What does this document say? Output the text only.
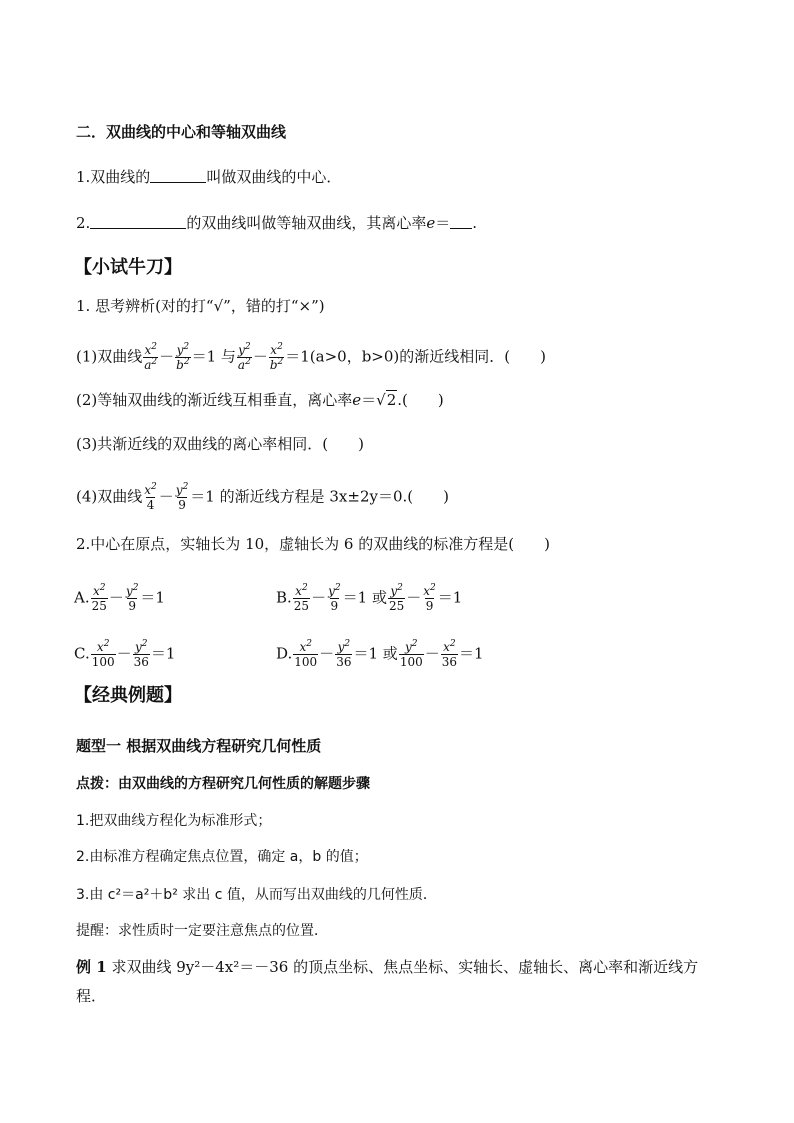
二．双曲线的中心和等轴双曲线
1.双曲线的	叫做双曲线的中心．
2.	的双曲线叫做等轴双曲线，其离心率e＝ .
【小试牛刀】
1. 思考辨析(对的打“√”，错的打“×”)
(1)双曲线 $\frac{x^2}{a^2} - \frac{y^2}{b^2} =1$ 与 $\frac{y^2}{a^2} - \frac{x^2}{b^2} =1(a>0$，b>0)的渐近线相同．(　　)
(2)等轴双曲线的渐近线互相垂直，离心率e＝√2.(　　)
(3)共渐近线的双曲线的离心率相同．(　　)
(4)双曲线 $\frac{x^2}{4} - \frac{y^2}{9} =1$ 的渐近线方程是 3x±2y＝0.(　　)
2.中心在原点，实轴长为 10，虚轴长为 6 的双曲线的标准方程是(　　)
A. $\frac{x^2}{25} - \frac{y^2}{9} =1$	B. $\frac{x^2}{25} - \frac{y^2}{9} =1$ 或 $\frac{y^2}{25} - \frac{x^2}{9} =1$
C. $\frac{x^2}{100} - \frac{y^2}{36} =1$	D. $\frac{x^2}{100} - \frac{y^2}{36} =1$ 或 $\frac{y^2}{100} - \frac{x^2}{36} =1$
【经典例题】
题型一 根据双曲线方程研究几何性质
点拨：由双曲线的方程研究几何性质的解题步骤
1.把双曲线方程化为标准形式；
2.由标准方程确定焦点位置，确定 a，b 的值；
3.由 c²＝a²＋b² 求出 c 值，从而写出双曲线的几何性质．
提醒：求性质时一定要注意焦点的位置．
例 1 求双曲线 9y²－4x²＝－36 的顶点坐标、焦点坐标、实轴长、虚轴长、离心率和渐近线方
程．
